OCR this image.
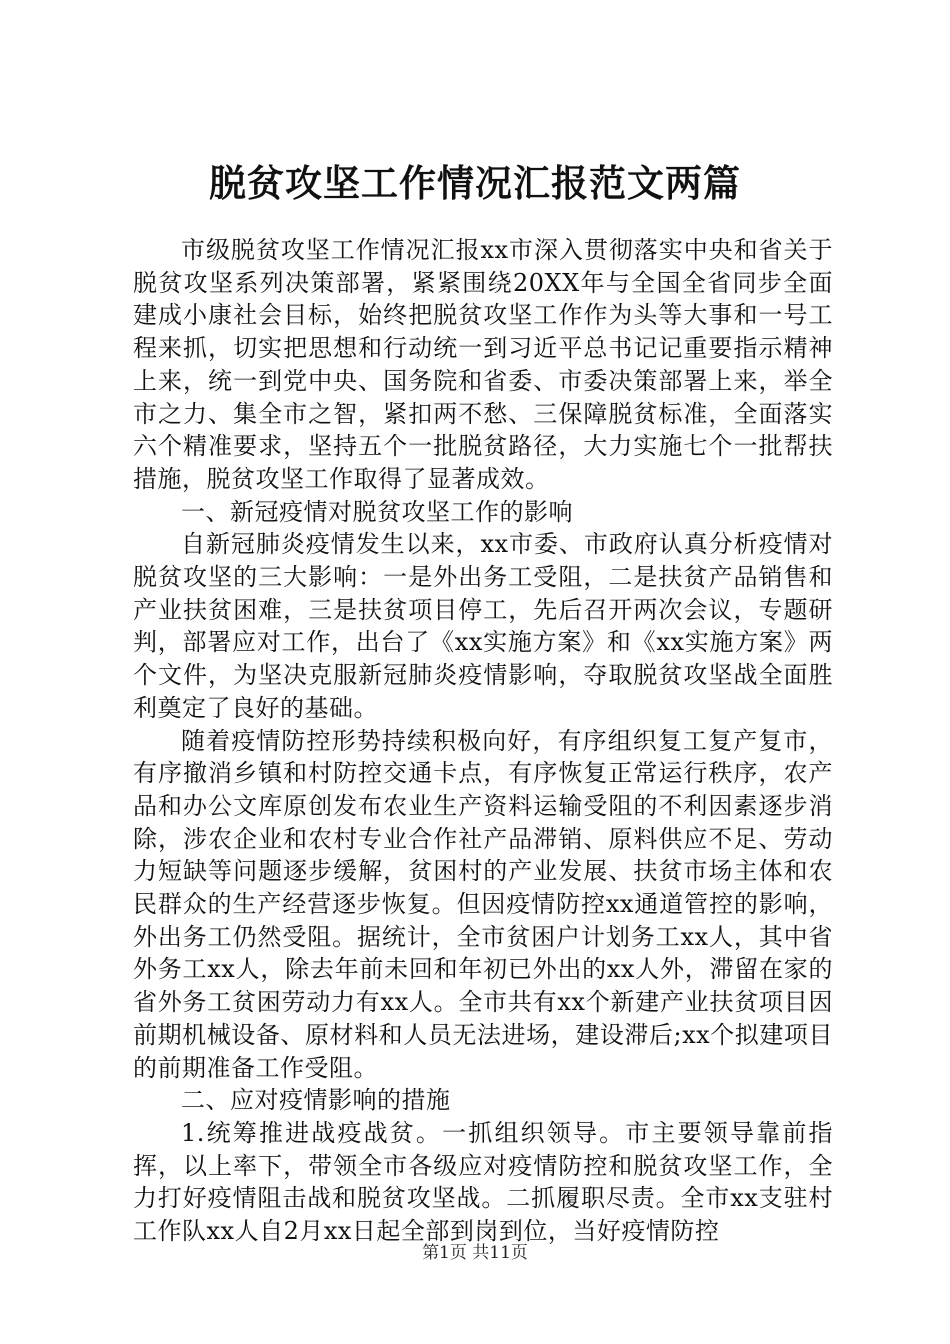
脱贫攻坚工作情况汇报范文两篇

市级脱贫攻坚工作情况汇报xx市深入贯彻落实中央和省关于脱贫攻坚系列决策部署，紧紧围绕20XX年与全国全省同步全面建成小康社会目标，始终把脱贫攻坚工作作为头等大事和一号工程来抓，切实把思想和行动统一到习近平总书记记重要指示精神上来，统一到党中央、国务院和省委、市委决策部署上来，举全市之力、集全市之智，紧扣两不愁、三保障脱贫标准，全面落实六个精准要求，坚持五个一批脱贫路径，大力实施七个一批帮扶措施，脱贫攻坚工作取得了显著成效。

一、新冠疫情对脱贫攻坚工作的影响

自新冠肺炎疫情发生以来，xx市委、市政府认真分析疫情对脱贫攻坚的三大影响：一是外出务工受阻，二是扶贫产品销售和产业扶贫困难，三是扶贫项目停工，先后召开两次会议，专题研判，部署应对工作，出台了《xx实施方案》和《xx实施方案》两个文件，为坚决克服新冠肺炎疫情影响，夺取脱贫攻坚战全面胜利奠定了良好的基础。

随着疫情防控形势持续积极向好，有序组织复工复产复市，有序撤消乡镇和村防控交通卡点，有序恢复正常运行秩序，农产品和办公文库原创发布农业生产资料运输受阻的不利因素逐步消除，涉农企业和农村专业合作社产品滞销、原料供应不足、劳动力短缺等问题逐步缓解，贫困村的产业发展、扶贫市场主体和农民群众的生产经营逐步恢复。但因疫情防控xx通道管控的影响，外出务工仍然受阻。据统计，全市贫困户计划务工xx人，其中省外务工xx人，除去年前未回和年初已外出的xx人外，滞留在家的省外务工贫困劳动力有xx人。全市共有xx个新建产业扶贫项目因前期机械设备、原材料和人员无法进场，建设滞后;xx个拟建项目的前期准备工作受阻。

二、应对疫情影响的措施

1.统筹推进战疫战贫。一抓组织领导。市主要领导靠前指挥，以上率下，带领全市各级应对疫情防控和脱贫攻坚工作，全力打好疫情阻击战和脱贫攻坚战。二抓履职尽责。全市xx支驻村工作队xx人自2月xx日起全部到岗到位，当好疫情防控

第1页 共11页
